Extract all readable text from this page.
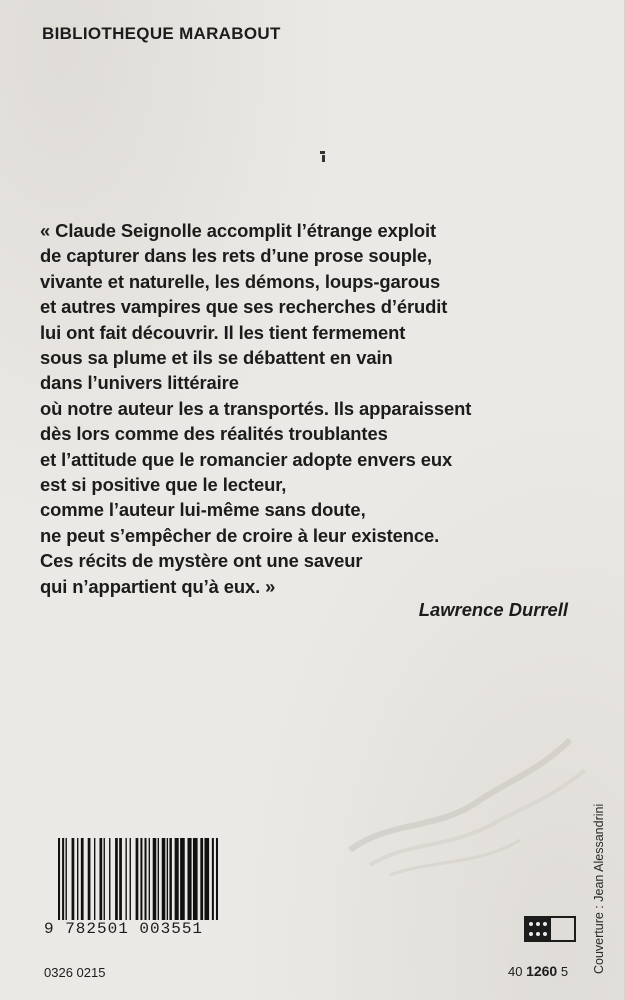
BIBLIOTHEQUE MARABOUT
« Claude Seignolle accomplit l’étrange exploit
de capturer dans les rets d’une prose souple,
vivante et naturelle, les démons, loups-garous
et autres vampires que ses recherches d’érudit
lui ont fait découvrir. Il les tient fermement
sous sa plume et ils se débattent en vain
dans l’univers littéraire
où notre auteur les a transportés. Ils apparaissent
dès lors comme des réalités troublantes
et l’attitude que le romancier adopte envers eux
est si positive que le lecteur,
comme l’auteur lui-même sans doute,
ne peut s’empêcher de croire à leur existence.
Ces récits de mystère ont une saveur
qui n’appartient qu’à eux. »
Lawrence Durrell
9 782501 003551
0326 0215	40 1260 5 Couverture : Jean Alessandrini
